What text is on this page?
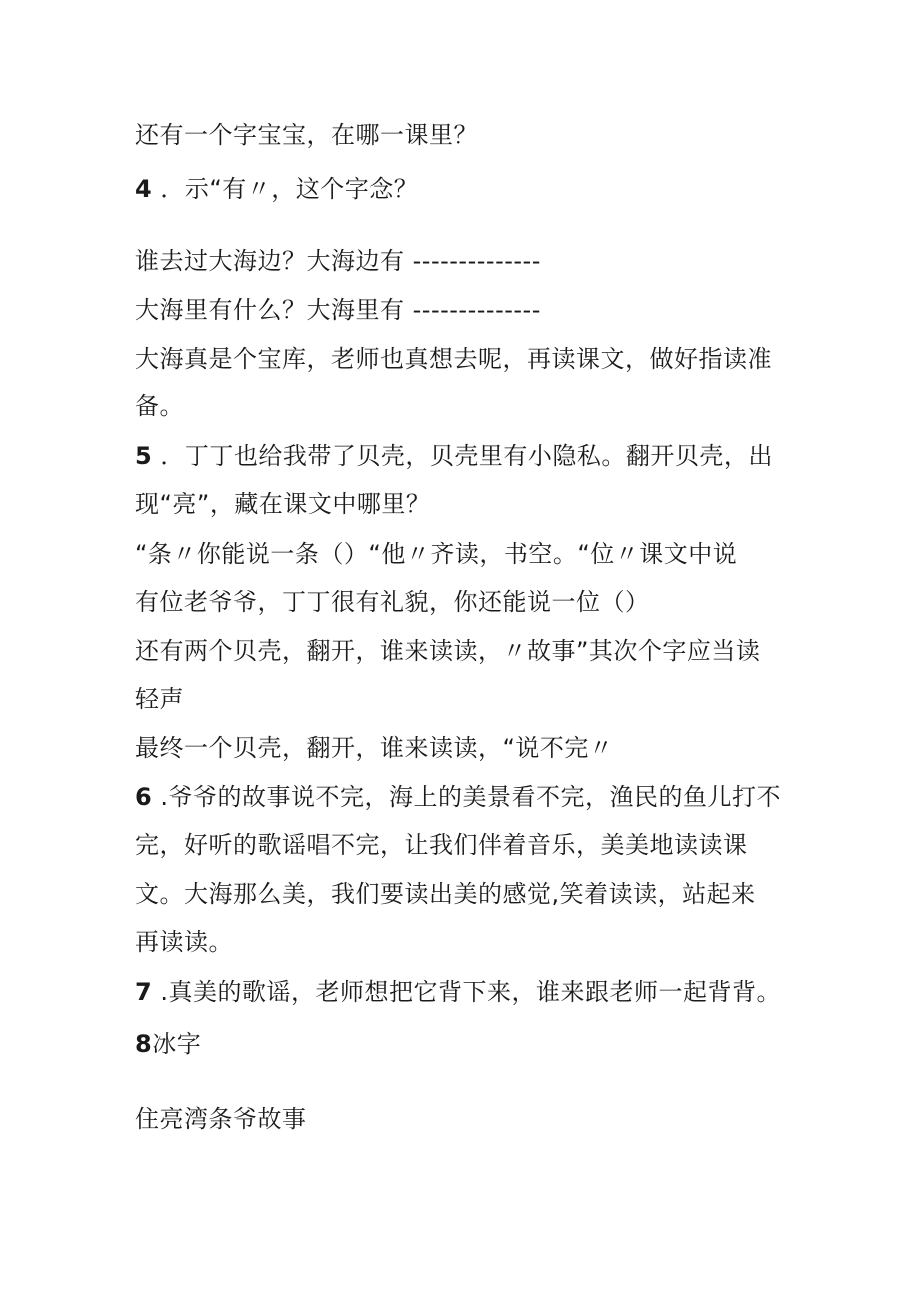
还有一个字宝宝，在哪一课里？
4 ．示“有〃，这个字念？
谁去过大海边？大海边有 --------------
大海里有什么？大海里有 --------------
大海真是个宝库，老师也真想去呢，再读课文，做好指读准
备。
5 ．丁丁也给我带了贝壳，贝壳里有小隐私。翻开贝壳，出
现“亮”，藏在课文中哪里？
“条〃你能说一条（）“他〃齐读，书空。“位〃课文中说
有位老爷爷，丁丁很有礼貌，你还能说一位（）
还有两个贝壳，翻开，谁来读读，〃故事”其次个字应当读
轻声
最终一个贝壳，翻开，谁来读读，“说不完〃
6 .爷爷的故事说不完，海上的美景看不完，渔民的鱼儿打不
完，好听的歌谣唱不完，让我们伴着音乐，美美地读读课
文。大海那么美，我们要读出美的感觉,笑着读读，站起来
再读读。
7 .真美的歌谣，老师想把它背下来，谁来跟老师一起背背。
8冰字
住亮湾条爷故事
